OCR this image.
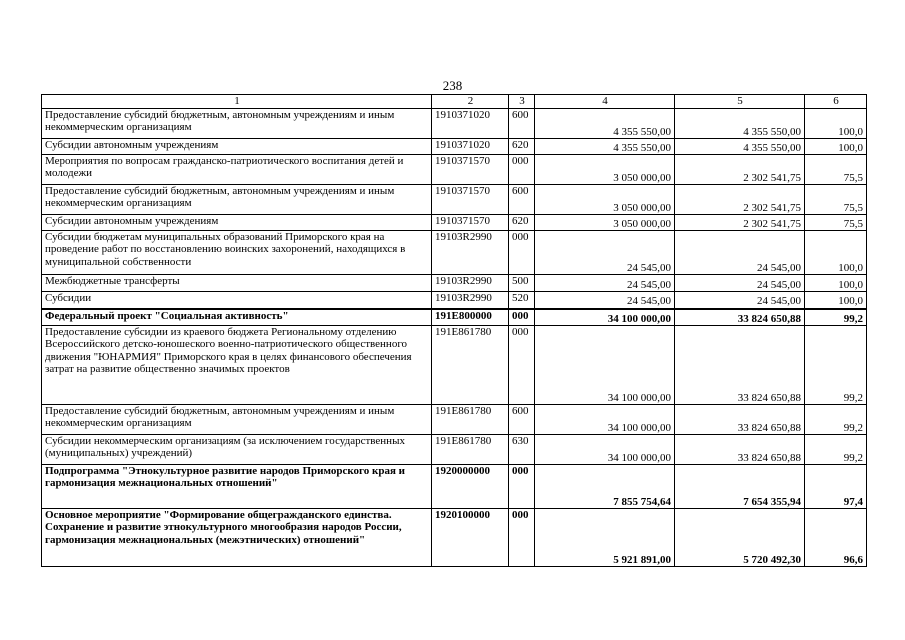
238
1	2	3	4	5	6
Предоставление субсидий бюджетным, автономным учреждениям и иным некоммерческим организациям	1910371020	600	4 355 550,00	4 355 550,00	100,0
Субсидии автономным учреждениям	1910371020	620	4 355 550,00	4 355 550,00	100,0
Мероприятия по вопросам гражданско-патриотического воспитания детей и молодежи	1910371570	000	3 050 000,00	2 302 541,75	75,5
Предоставление субсидий бюджетным, автономным учреждениям и иным некоммерческим организациям	1910371570	600	3 050 000,00	2 302 541,75	75,5
Субсидии автономным учреждениям	1910371570	620	3 050 000,00	2 302 541,75	75,5
Субсидии бюджетам муниципальных образований Приморского края на проведение работ по восстановлению воинских захоронений, находящихся в муниципальной собственности	19103R2990	000	24 545,00	24 545,00	100,0
Межбюджетные трансферты	19103R2990	500	24 545,00	24 545,00	100,0
Субсидии	19103R2990	520	24 545,00	24 545,00	100,0
Федеральный проект "Социальная активность"	191E800000	000	34 100 000,00	33 824 650,88	99,2
Предоставление субсидии из краевого бюджета Региональному отделению Всероссийского детско-юношеского военно-патриотического общественного движения "ЮНАРМИЯ" Приморского края в целях финансового обеспечения затрат на развитие общественно значимых проектов	191E861780	000	34 100 000,00	33 824 650,88	99,2
Предоставление субсидий бюджетным, автономным учреждениям и иным некоммерческим организациям	191E861780	600	34 100 000,00	33 824 650,88	99,2
Субсидии некоммерческим организациям (за исключением государственных (муниципальных) учреждений)	191E861780	630	34 100 000,00	33 824 650,88	99,2
Подпрограмма "Этнокультурное развитие народов Приморского края и гармонизация межнациональных отношений"	1920000000	000	7 855 754,64	7 654 355,94	97,4
Основное мероприятие "Формирование общегражданского единства. Сохранение и развитие этнокультурного многообразия народов России, гармонизация межнациональных (межэтнических) отношений"	1920100000	000	5 921 891,00	5 720 492,30	96,6
